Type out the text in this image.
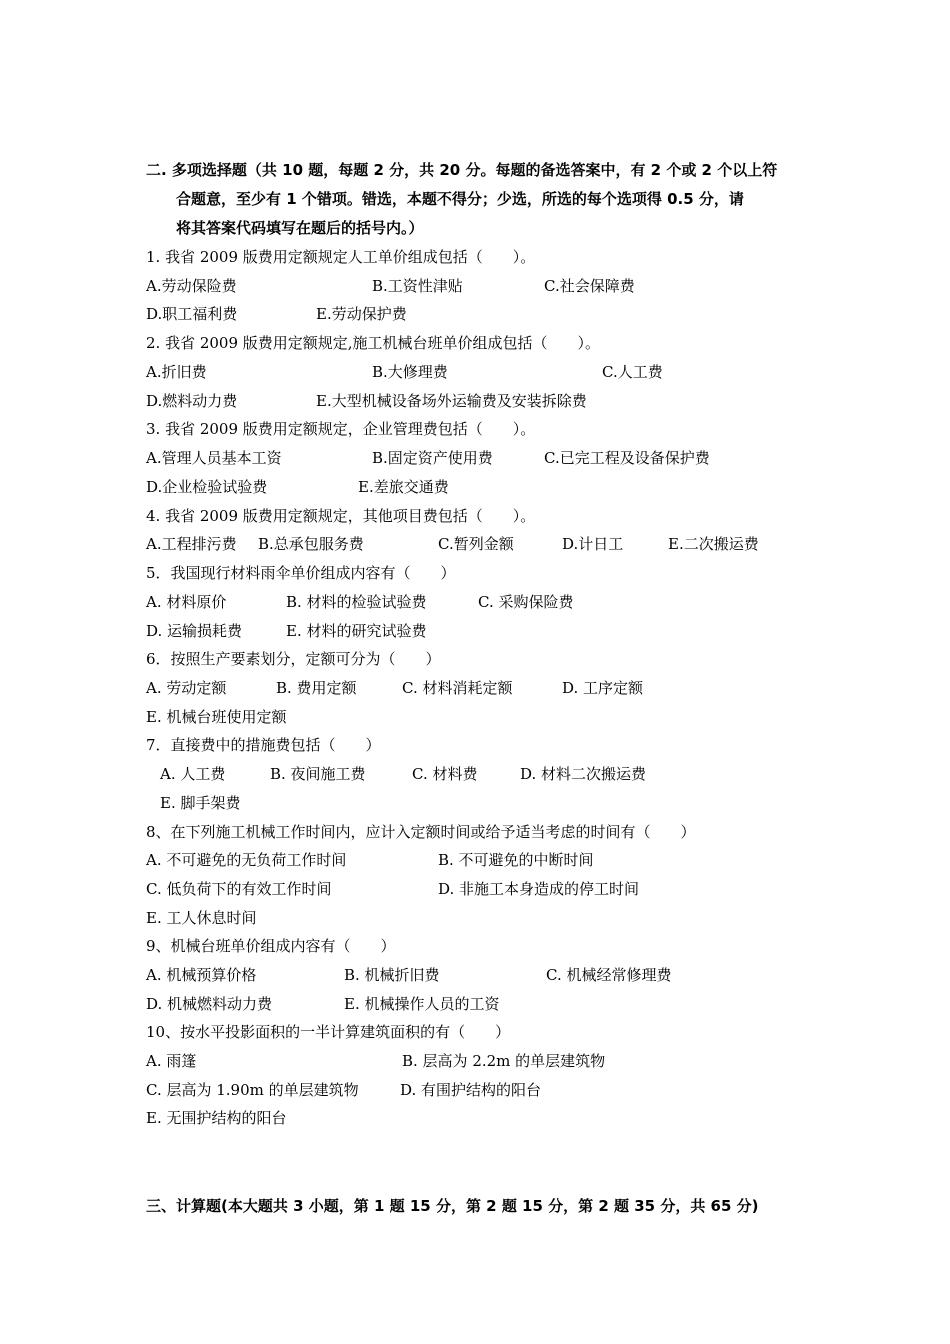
二. 多项选择题（共 10 题，每题 2 分，共 20 分。每题的备选答案中，有 2 个或 2 个以上符
合题意，至少有 1 个错项。错选，本题不得分；少选，所选的每个选项得 0.5 分，请
将其答案代码填写在题后的括号内。）
1. 我省 2009 版费用定额规定人工单价组成包括（　　）。
A.劳动保险费	B.工资性津贴	C.社会保障费
D.职工福利费	E.劳动保护费
2. 我省 2009 版费用定额规定,施工机械台班单价组成包括（　　）。
A.折旧费	B.大修理费	C.人工费
D.燃料动力费	E.大型机械设备场外运输费及安装拆除费
3. 我省 2009 版费用定额规定，企业管理费包括（　　）。
A.管理人员基本工资	B.固定资产使用费	C.已完工程及设备保护费
D.企业检验试验费	E.差旅交通费
4. 我省 2009 版费用定额规定，其他项目费包括（　　）。
A.工程排污费 B.总承包服务费	C.暂列金额	D.计日工	E.二次搬运费
5．我国现行材料雨伞单价组成内容有（　　）
A. 材料原价	B. 材料的检验试验费	C. 采购保险费
D. 运输损耗费	E. 材料的研究试验费
6．按照生产要素划分，定额可分为（　　）
A. 劳动定额	B. 费用定额	C. 材料消耗定额	D. 工序定额
E. 机械台班使用定额
7．直接费中的措施费包括（　　）
A. 人工费	B. 夜间施工费	C. 材料费	D. 材料二次搬运费
E. 脚手架费
8、在下列施工机械工作时间内，应计入定额时间或给予适当考虑的时间有（　　）
A. 不可避免的无负荷工作时间	B. 不可避免的中断时间
C. 低负荷下的有效工作时间	D. 非施工本身造成的停工时间
E. 工人休息时间
9、机械台班单价组成内容有（　　）
A. 机械预算价格	B. 机械折旧费	C. 机械经常修理费
D. 机械燃料动力费	E. 机械操作人员的工资
10、按水平投影面积的一半计算建筑面积的有（　　）
A. 雨篷	B. 层高为 2.2m 的单层建筑物
C. 层高为 1.90m 的单层建筑物	D. 有围护结构的阳台
E. 无围护结构的阳台
三、计算题(本大题共 3 小题，第 1 题 15 分，第 2 题 15 分，第 2 题 35 分，共 65 分)
